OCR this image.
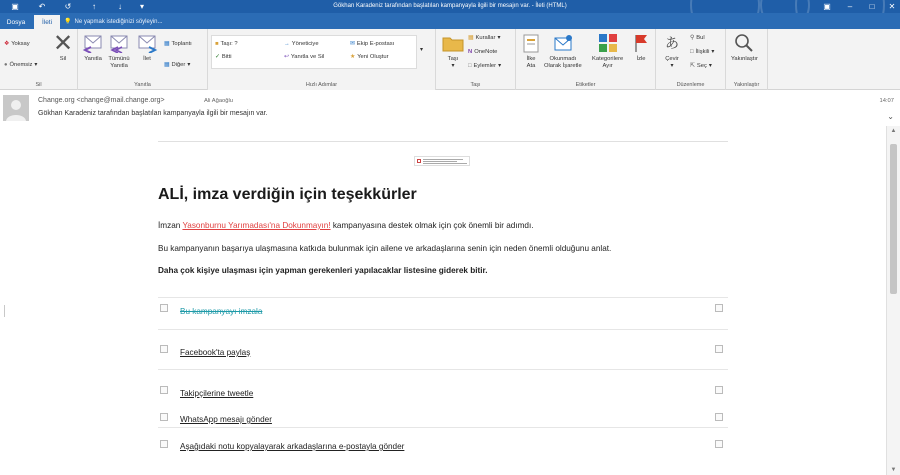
▣	↶	↺	↑	↓	▾	Gökhan Karadeniz tarafından başlatılan kampanyayla ilgili bir mesajın var. - İleti (HTML)	▣	–	□	✕
Dosya	İleti 💡 Ne yapmak istediğinizi söyleyin...
❖ Yoksay
● Önemsiz ▾
✕
Sil
Sil
Yanıtla Tümünü
Yanıtla
İlet
▦ Toplantı
▦ Diğer ▾
Yanıtla
■ Taşı: ?	→ Yöneticiye	✉ Ekip E-postası
✓ Bitti	↩ Yanıtla ve Sil	★ Yeni Oluştur
▾
Hızlı Adımlar
Taşı
▾
▦ Kurallar ▾
N OneNote
□ Eylemler ▾
Taşı
İlke
Ata
Okunmadı
Olarak İşaretle
Kategorilere
Ayır
İzle
Etiketler
あ
Çevir
▾
⚲ Bul
□ İlişkili ▾
⇱ Seç ▾
Düzenleme
Yakınlaştır
Yakınlaştır
Change.org <change@mail.change.org>	Ali Ağaoğlu
Gökhan Karadeniz tarafından başlatılan kampanyayla ilgili bir mesajın var.
14:07
⌄
ALİ, imza verdiğin için teşekkürler
İmzan Yasonburnu Yarımadası'na Dokunmayın! kampanyasına destek olmak için çok önemli bir adımdı.
Bu kampanyanın başarıya ulaşmasına katkıda bulunmak için ailene ve arkadaşlarına senin için neden önemli olduğunu anlat.
Daha çok kişiye ulaşması için yapman gerekenleri yapılacaklar listesine giderek bitir.
Bu kampanyayı imzala
Facebook'ta paylaş
Takipçilerine tweetle
WhatsApp mesajı gönder
Aşağıdaki notu kopyalayarak arkadaşlarına e-postayla gönder
▲
▼
